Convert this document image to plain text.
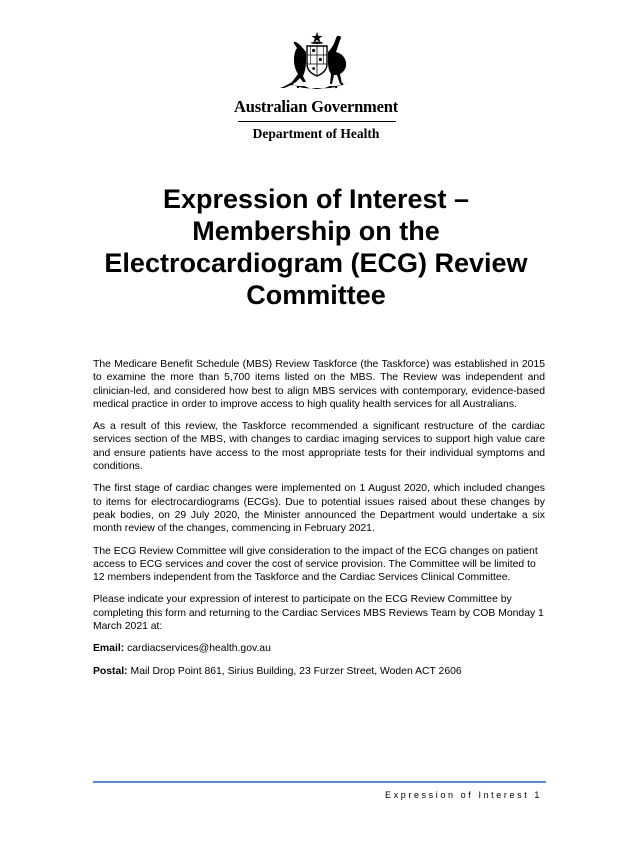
Australian Government
Department of Health
Expression of Interest –
Membership on the
Electrocardiogram (ECG) Review
Committee

The Medicare Benefit Schedule (MBS) Review Taskforce (the Taskforce) was established in 2015 to examine the more than 5,700 items listed on the MBS. The Review was independent and clinician-led, and considered how best to align MBS services with contemporary, evidence-based medical practice in order to improve access to high quality health services for all Australians.

As a result of this review, the Taskforce recommended a significant restructure of the cardiac services section of the MBS, with changes to cardiac imaging services to support high value care and ensure patients have access to the most appropriate tests for their individual symptoms and conditions.

The first stage of cardiac changes were implemented on 1 August 2020, which included changes to items for electrocardiograms (ECGs). Due to potential issues raised about these changes by peak bodies, on 29 July 2020, the Minister announced the Department would undertake a six month review of the changes, commencing in February 2021.

The ECG Review Committee will give consideration to the impact of the ECG changes on patient access to ECG services and cover the cost of service provision. The Committee will be limited to 12 members independent from the Taskforce and the Cardiac Services Clinical Committee.

Please indicate your expression of interest to participate on the ECG Review Committee by completing this form and returning to the Cardiac Services MBS Reviews Team by COB Monday 1 March 2021 at:

Email: cardiacservices@health.gov.au

Postal: Mail Drop Point 861, Sirius Building, 23 Furzer Street, Woden ACT 2606

Expression of Interest 1
